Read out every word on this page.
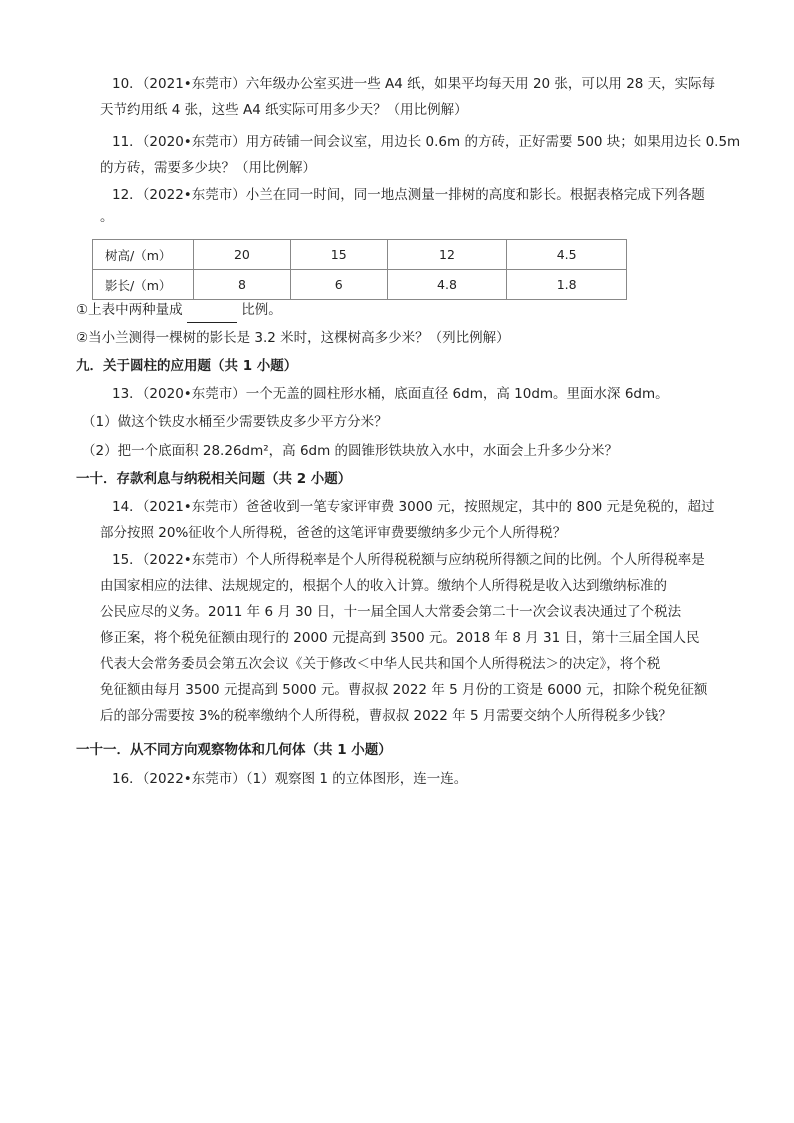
10．（2021•东莞市）六年级办公室买进一些 A4 纸，如果平均每天用 20 张，可以用 28 天，实际每
天节约用纸 4 张，这些 A4 纸实际可用多少天？（用比例解）
11．（2020•东莞市）用方砖铺一间会议室，用边长 0.6m 的方砖，正好需要 500 块；如果用边长 0.5m
的方砖，需要多少块？（用比例解）
12．（2022•东莞市）小兰在同一时间，同一地点测量一排树的高度和影长。根据表格完成下列各题
。
树高/（m）	20	15	12	4.5
影长/（m）	8	6	4.8	1.8
①上表中两种量成	比例。
②当小兰测得一棵树的影长是 3.2 米时，这棵树高多少米？（列比例解）
九．关于圆柱的应用题（共 1 小题）
13．（2020•东莞市）一个无盖的圆柱形水桶，底面直径 6dm，高 10dm。里面水深 6dm。
（1）做这个铁皮水桶至少需要铁皮多少平方分米？
（2）把一个底面积 28.26dm²，高 6dm 的圆锥形铁块放入水中，水面会上升多少分米？
一十．存款利息与纳税相关问题（共 2 小题）
14．（2021•东莞市）爸爸收到一笔专家评审费 3000 元，按照规定，其中的 800 元是免税的，超过
部分按照 20%征收个人所得税，爸爸的这笔评审费要缴纳多少元个人所得税？
15．（2022•东莞市）个人所得税率是个人所得税税额与应纳税所得额之间的比例。个人所得税率是
由国家相应的法律、法规规定的，根据个人的收入计算。缴纳个人所得税是收入达到缴纳标准的
公民应尽的义务。2011 年 6 月 30 日，十一届全国人大常委会第二十一次会议表决通过了个税法
修正案，将个税免征额由现行的 2000 元提高到 3500 元。2018 年 8 月 31 日，第十三届全国人民
代表大会常务委员会第五次会议《关于修改＜中华人民共和国个人所得税法＞的决定》，将个税
免征额由每月 3500 元提高到 5000 元。曹叔叔 2022 年 5 月份的工资是 6000 元，扣除个税免征额
后的部分需要按 3%的税率缴纳个人所得税，曹叔叔 2022 年 5 月需要交纳个人所得税多少钱？
一十一．从不同方向观察物体和几何体（共 1 小题）
16．（2022•东莞市）（1）观察图 1 的立体图形，连一连。
